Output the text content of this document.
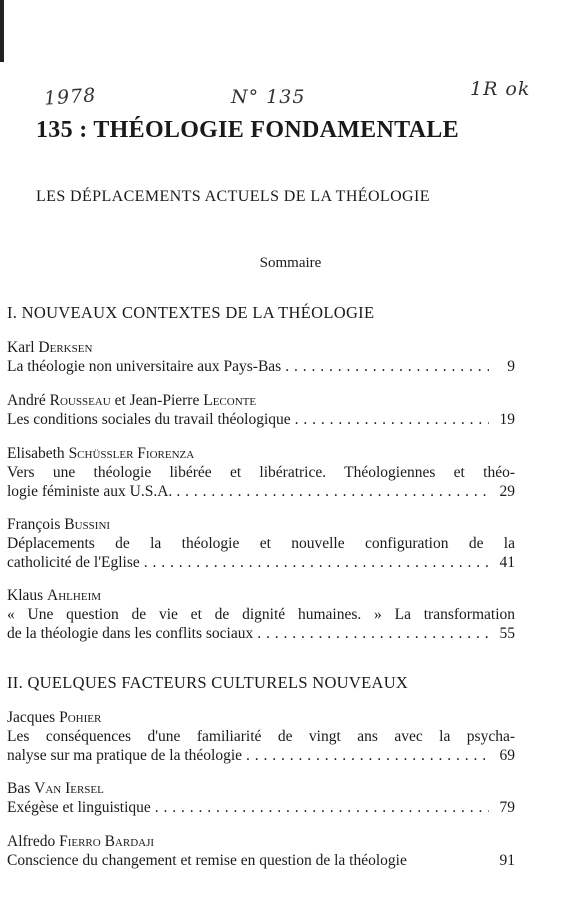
1978	N° 135	1R ok
135 : THÉOLOGIE FONDAMENTALE
LES DÉPLACEMENTS ACTUELS DE LA THÉOLOGIE
Sommaire
I. NOUVEAUX CONTEXTES DE LA THÉOLOGIE
Karl Derksen
La théologie non universitaire aux Pays-Bas . . .	9
André Rousseau et Jean-Pierre Leconte
Les conditions sociales du travail théologique . . .	19
Elisabeth Schüssler Fiorenza
Vers une théologie libérée et libératrice. Théologiennes et théo-
logie féministe aux U.S.A. . . .	29
François Bussini
Déplacements de la théologie et nouvelle configuration de la
catholicité de l'Eglise . . .	41
Klaus Ahlheim
« Une question de vie et de dignité humaines. » La transformation
de la théologie dans les conflits sociaux . . .	55
II. QUELQUES FACTEURS CULTURELS NOUVEAUX
Jacques Pohier
Les conséquences d'une familiarité de vingt ans avec la psycha-
nalyse sur ma pratique de la théologie . . .	69
Bas Van Iersel
Exégèse et linguistique . . .	79
Alfredo Fierro Bardaji
Conscience du changement et remise en question de la théologie	91
